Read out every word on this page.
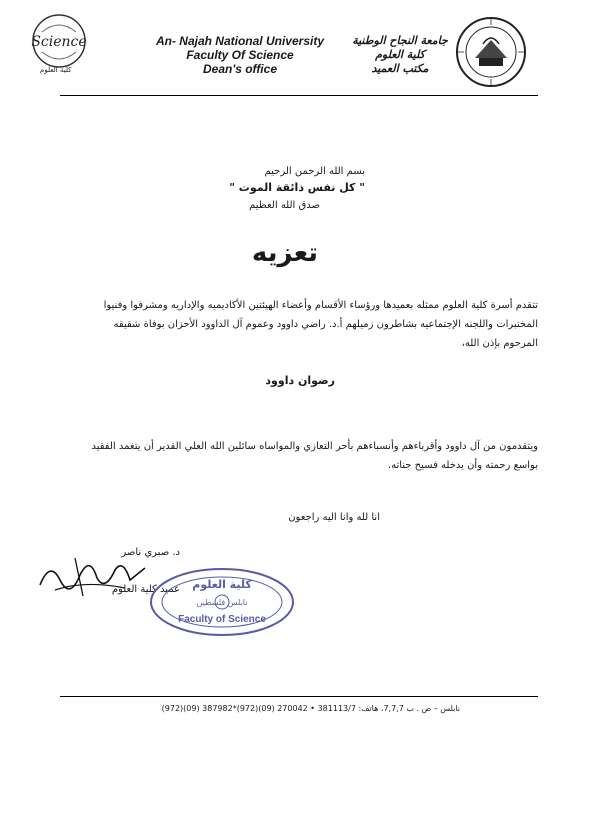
Science
كلية العلوم
An- Najah National University
Faculty Of Science
Dean's office
جامعة النجاح الوطنية
كلية العلوم
مكتب العميد
بسم الله الرحمن الرحيم
" كل نفس ذائقة الموت "
صدق الله العظيم
تعزيه
تتقدم أسرة كلية العلوم ممثله بعميدها ورؤساء الأقسام وأعضاء الهيئتين الأكاديميه والإداريه ومشرفوا وفنيوا المختبرات واللجنه الإجتماعيه بشاطرون زميلهم أ.د. راضي داوود وعموم آل الداوود الأحزان بوفاة شقيقه المرحوم بإذن الله،
رضوان داوود
ويتقدمون من آل داوود وأقرباءهم وأنسباءهم بأحر التعازي والمواساه سائلين الله العلي القدير أن يتغمد الفقيد بواسع رحمته وأن يدخله فسيح جناته.
انا لله وانا اليه راجعون
د. صبري ناصر
عميد كلية العلوم كلية العلوم
نابلس فلسطين
Faculty of Science
نابلس – ص . ب 7,7,7، هاتف: 381113/7 • 270042 (09)(972)*387982 (09)(972)
